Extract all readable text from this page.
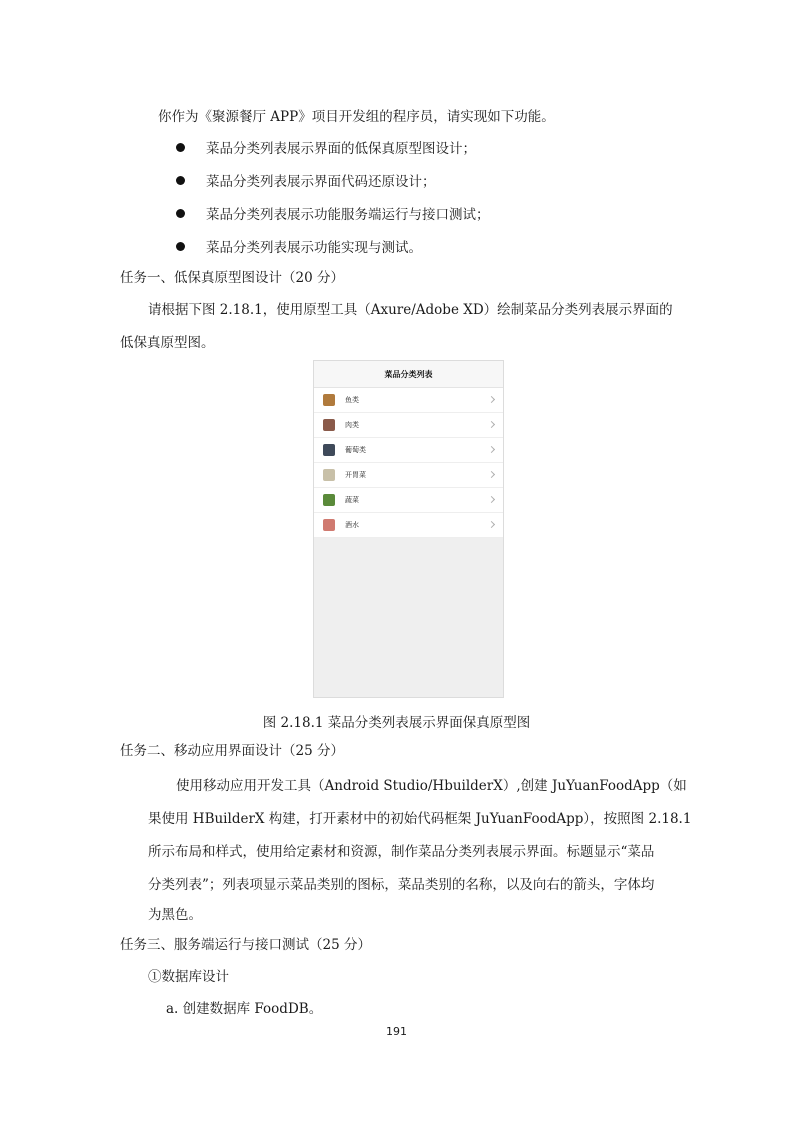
你作为《聚源餐厅 APP》项目开发组的程序员，请实现如下功能。
菜品分类列表展示界面的低保真原型图设计；
菜品分类列表展示界面代码还原设计；
菜品分类列表展示功能服务端运行与接口测试；
菜品分类列表展示功能实现与测试。
任务一、低保真原型图设计（20 分）
请根据下图 2.18.1，使用原型工具（Axure/Adobe XD）绘制菜品分类列表展示界面的
低保真原型图。
菜品分类列表
鱼类
肉类
葡萄类
开胃菜
蔬菜
酒水
图 2.18.1 菜品分类列表展示界面保真原型图
任务二、移动应用界面设计（25 分）
使用移动应用开发工具（Android Studio/HbuilderX）,创建 JuYuanFoodApp（如
果使用 HBuilderX 构建，打开素材中的初始代码框架 JuYuanFoodApp），按照图 2.18.1
所示布局和样式，使用给定素材和资源，制作菜品分类列表展示界面。标题显示“菜品
分类列表”；列表项显示菜品类别的图标，菜品类别的名称，以及向右的箭头，字体均
为黑色。
任务三、服务端运行与接口测试（25 分）
①数据库设计
a. 创建数据库 FoodDB。
191
